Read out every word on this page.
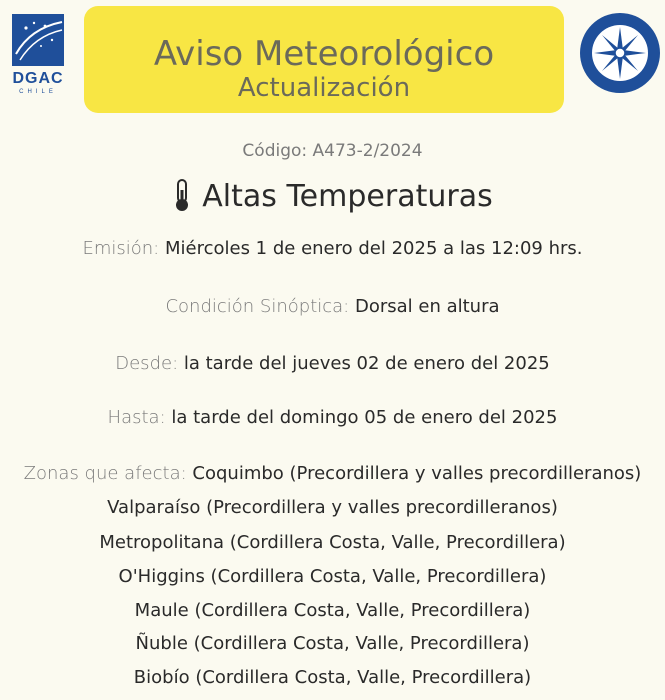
DGAC
CHILE
Aviso Meteorológico
Actualización
Código: A473-2/2024
Altas Temperaturas
Emisión: Miércoles 1 de enero del 2025 a las 12:09 hrs.
Condición Sinóptica: Dorsal en altura
Desde: la tarde del jueves 02 de enero del 2025
Hasta: la tarde del domingo 05 de enero del 2025
Zonas que afecta: Coquimbo (Precordillera y valles precordilleranos)
Valparaíso (Precordillera y valles precordilleranos)
Metropolitana (Cordillera Costa, Valle, Precordillera)
O'Higgins (Cordillera Costa, Valle, Precordillera)
Maule (Cordillera Costa, Valle, Precordillera)
Ñuble (Cordillera Costa, Valle, Precordillera)
Biobío (Cordillera Costa, Valle, Precordillera)
